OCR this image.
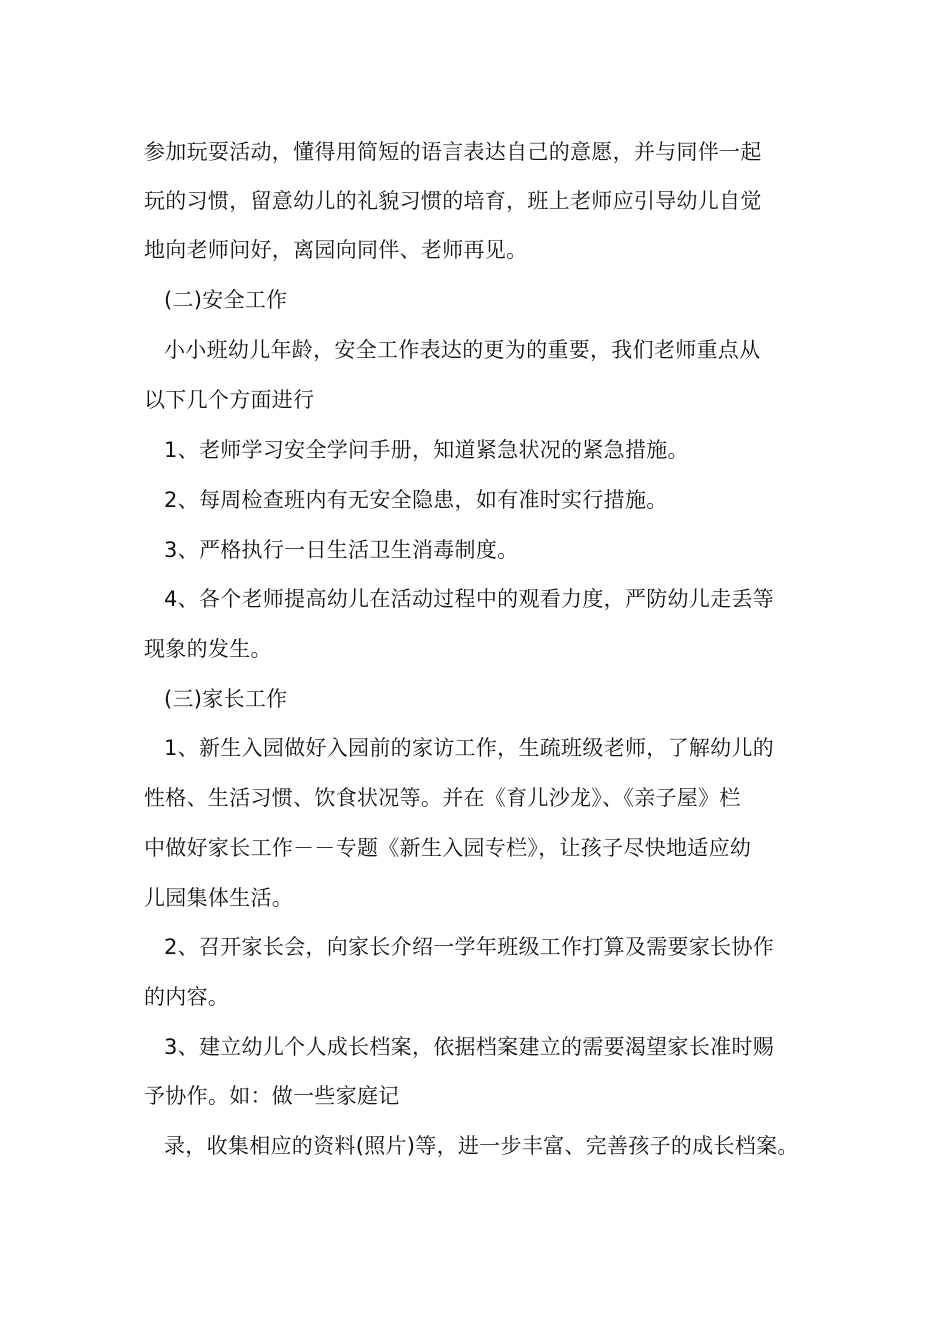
参加玩耍活动，懂得用简短的语言表达自己的意愿，并与同伴一起
玩的习惯，留意幼儿的礼貌习惯的培育，班上老师应引导幼儿自觉
地向老师问好，离园向同伴、老师再见。
(二)安全工作
小小班幼儿年龄，安全工作表达的更为的重要，我们老师重点从
以下几个方面进行
1、老师学习安全学问手册，知道紧急状况的紧急措施。
2、每周检查班内有无安全隐患，如有准时实行措施。
3、严格执行一日生活卫生消毒制度。
4、各个老师提高幼儿在活动过程中的观看力度，严防幼儿走丢等
现象的发生。
(三)家长工作
1、新生入园做好入园前的家访工作，生疏班级老师，了解幼儿的
性格、生活习惯、饮食状况等。并在《育儿沙龙》、《亲子屋》栏
中做好家长工作－－专题《新生入园专栏》，让孩子尽快地适应幼
儿园集体生活。
2、召开家长会，向家长介绍一学年班级工作打算及需要家长协作
的内容。
3、建立幼儿个人成长档案，依据档案建立的需要渴望家长准时赐
予协作。如：做一些家庭记
录，收集相应的资料(照片)等，进一步丰富、完善孩子的成长档案。
